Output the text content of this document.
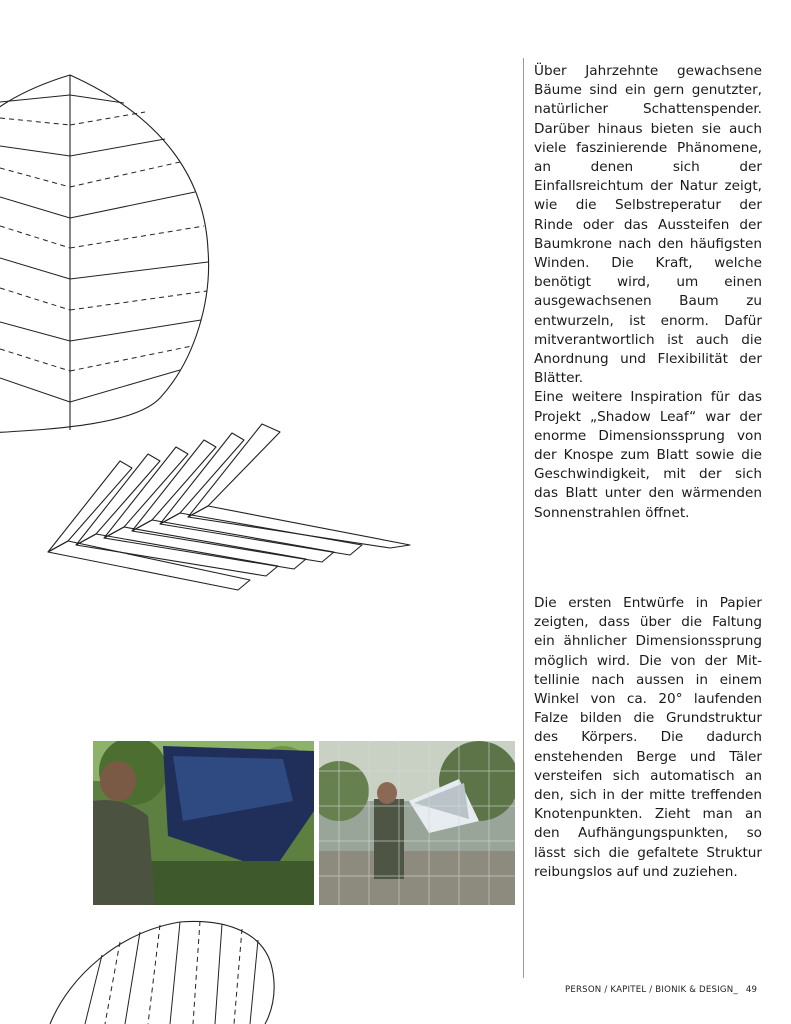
Über Jahrzehnte gewachsene Bäume sind ein gern genutzter, natürlicher Schattenspender. Darüber hinaus bieten sie auch viele faszinierende Phänomene, an denen sich der Einfallsreichtum der Natur zeigt, wie die Selbstreperatur der Rinde oder das Aussteifen der Baumkrone nach den häufigsten Winden. Die Kraft, welche benötigt wird, um einen ausgewachsenen Baum zu entwurzeln, ist enorm. Dafür mitverantwortlich ist auch die Anordnung und Flexibilität der Blätter.

Eine weitere Inspiration für das Projekt „Shadow Leaf“ war der enorme Dimensionssprung von der Knospe zum Blatt sowie die Geschwindigkeit, mit der sich das Blatt unter den wärmenden Sonnenstrahlen öffnet.

Die ersten Entwürfe in Papier zeigten, dass über die Faltung ein ähnlicher Dimensionssprung möglich wird. Die von der Mittellinie nach aussen in einem Winkel von ca. 20° laufenden Falze bilden die Grundstruktur des Körpers. Die dadurch enstehenden Berge und Täler versteifen sich automatisch an den, sich in der mitte treffenden Knotenpunkten. Zieht man an den Aufhängungspunkten, so lässt sich die gefaltete Struktur reibungslos auf und zuziehen.

PERSON / KAPITEL / BIONIK & DESIGN_ 49
